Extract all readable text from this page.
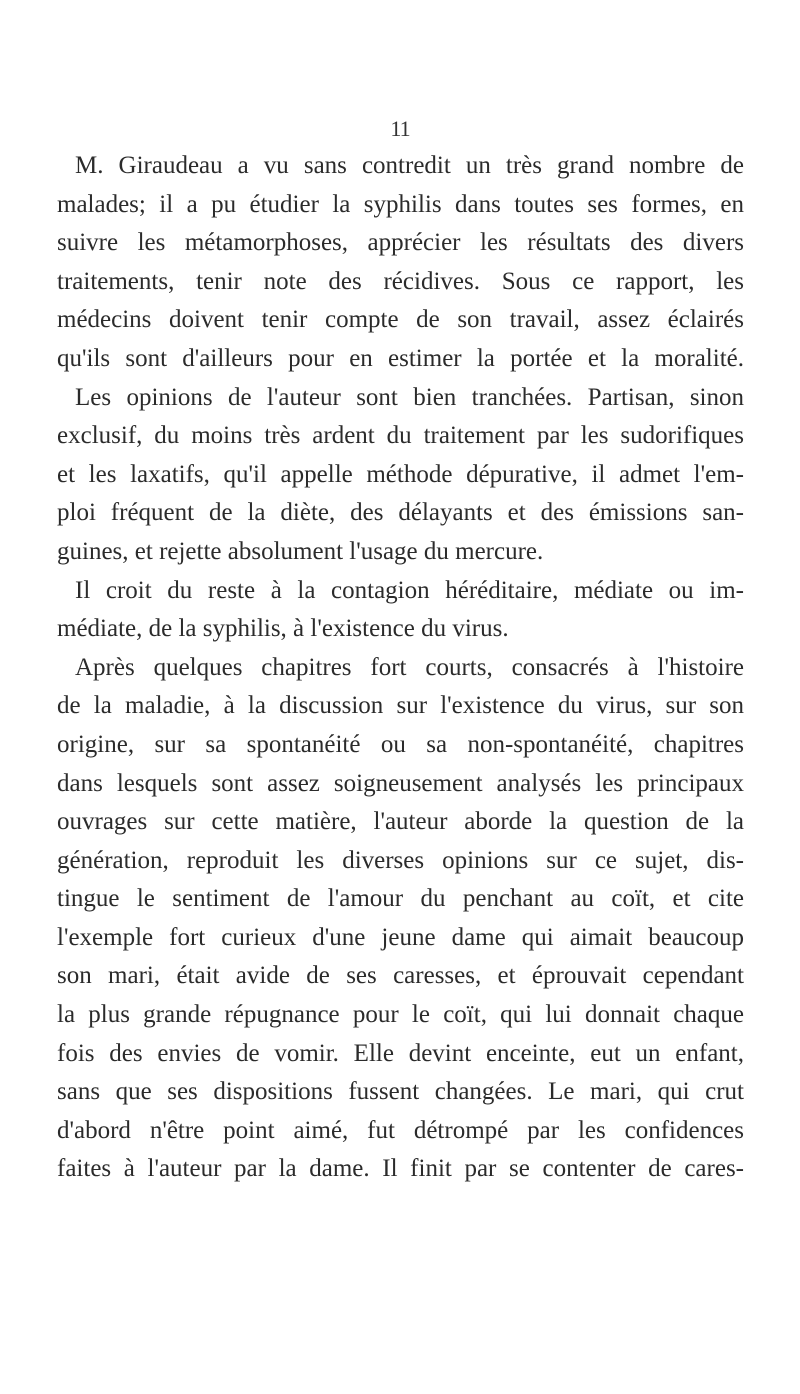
11
M. Giraudeau a vu sans contredit un très grand nombre de
malades; il a pu étudier la syphilis dans toutes ses formes, en
suivre les métamorphoses, apprécier les résultats des divers
traitements, tenir note des récidives. Sous ce rapport, les
médecins doivent tenir compte de son travail, assez éclairés
qu'ils sont d'ailleurs pour en estimer la portée et la moralité.
Les opinions de l'auteur sont bien tranchées. Partisan, sinon
exclusif, du moins très ardent du traitement par les sudorifiques
et les laxatifs, qu'il appelle méthode dépurative, il admet l'em-
ploi fréquent de la diète, des délayants et des émissions san-
guines, et rejette absolument l'usage du mercure.
Il croit du reste à la contagion héréditaire, médiate ou im-
médiate, de la syphilis, à l'existence du virus.
Après quelques chapitres fort courts, consacrés à l'histoire
de la maladie, à la discussion sur l'existence du virus, sur son
origine, sur sa spontanéité ou sa non-spontanéité, chapitres
dans lesquels sont assez soigneusement analysés les principaux
ouvrages sur cette matière, l'auteur aborde la question de la
génération, reproduit les diverses opinions sur ce sujet, dis-
tingue le sentiment de l'amour du penchant au coït, et cite
l'exemple fort curieux d'une jeune dame qui aimait beaucoup
son mari, était avide de ses caresses, et éprouvait cependant
la plus grande répugnance pour le coït, qui lui donnait chaque
fois des envies de vomir. Elle devint enceinte, eut un enfant,
sans que ses dispositions fussent changées. Le mari, qui crut
d'abord n'être point aimé, fut détrompé par les confidences
faites à l'auteur par la dame. Il finit par se contenter de cares-
